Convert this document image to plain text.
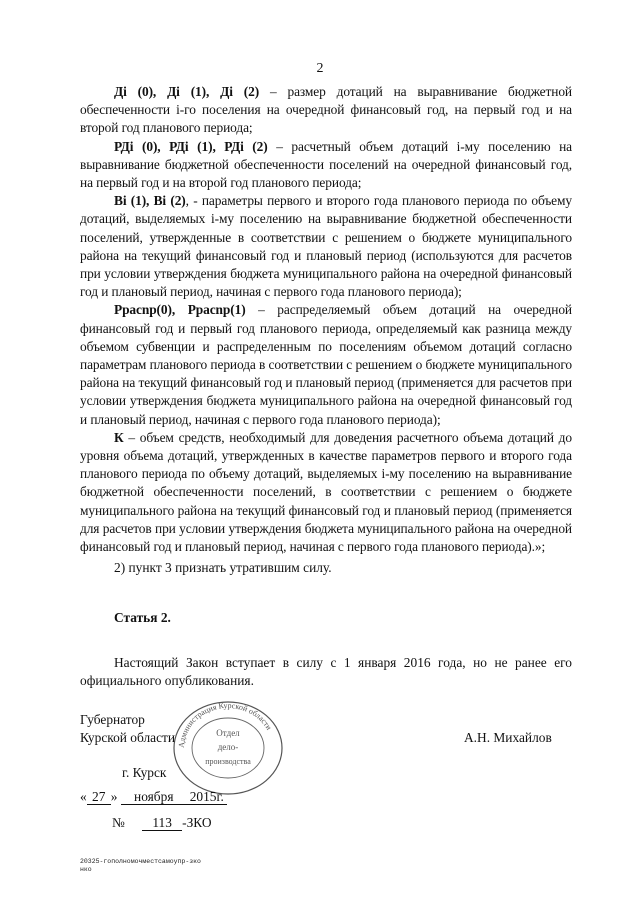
2

Дi (0), Дi (1), Дi (2) – размер дотаций на выравнивание бюджетной обеспеченности i-го поселения на очередной финансовый год, на первый год и на второй год планового периода;

РДi (0), РДi (1), РДi (2) – расчетный объем дотаций i-му поселению на выравнивание бюджетной обеспеченности поселений на очередной финансовый год, на первый год и на второй год планового периода;

Вi (1), Вi (2), - параметры первого и второго года планового периода по объему дотаций, выделяемых i-му поселению на выравнивание бюджетной обеспеченности поселений, утвержденные в соответствии с решением о бюджете муниципального района на текущий финансовый год и плановый период (используются для расчетов при условии утверждения бюджета муниципального района на очередной финансовый год и плановый период, начиная с первого года планового периода);

Ррасnр(0), Ррасnр(1) – распределяемый объем дотаций на очередной финансовый год и первый год планового периода, определяемый как разница между объемом субвенции и распределенным по поселениям объемом дотаций согласно параметрам планового периода в соответствии с решением о бюджете муниципального района на текущий финансовый год и плановый период (применяется для расчетов при условии утверждения бюджета муниципального района на очередной финансовый год и плановый период, начиная с первого года планового периода);

К – объем средств, необходимый для доведения расчетного объема дотаций до уровня объема дотаций, утвержденных в качестве параметров первого и второго года планового периода по объему дотаций, выделяемых i-му поселению на выравнивание бюджетной обеспеченности поселений, в соответствии с решением о бюджете муниципального района на текущий финансовый год и плановый период (применяется для расчетов при условии утверждения бюджета муниципального района на очередной финансовый год и плановый период, начиная с первого года планового периода).»;

2) пункт 3 признать утратившим силу.

Статья 2.

Настоящий Закон вступает в силу с 1 января 2016 года, но не ранее его официального опубликования.

Администрация Курской области
Отдел
дело-
производства
Губернатор
Курской области	А.Н. Михайлов
г. Курск
« 27 » ноября 2015г.
№ 113 -ЗКО
20325-гополномочместсамоупр-зко
нко
